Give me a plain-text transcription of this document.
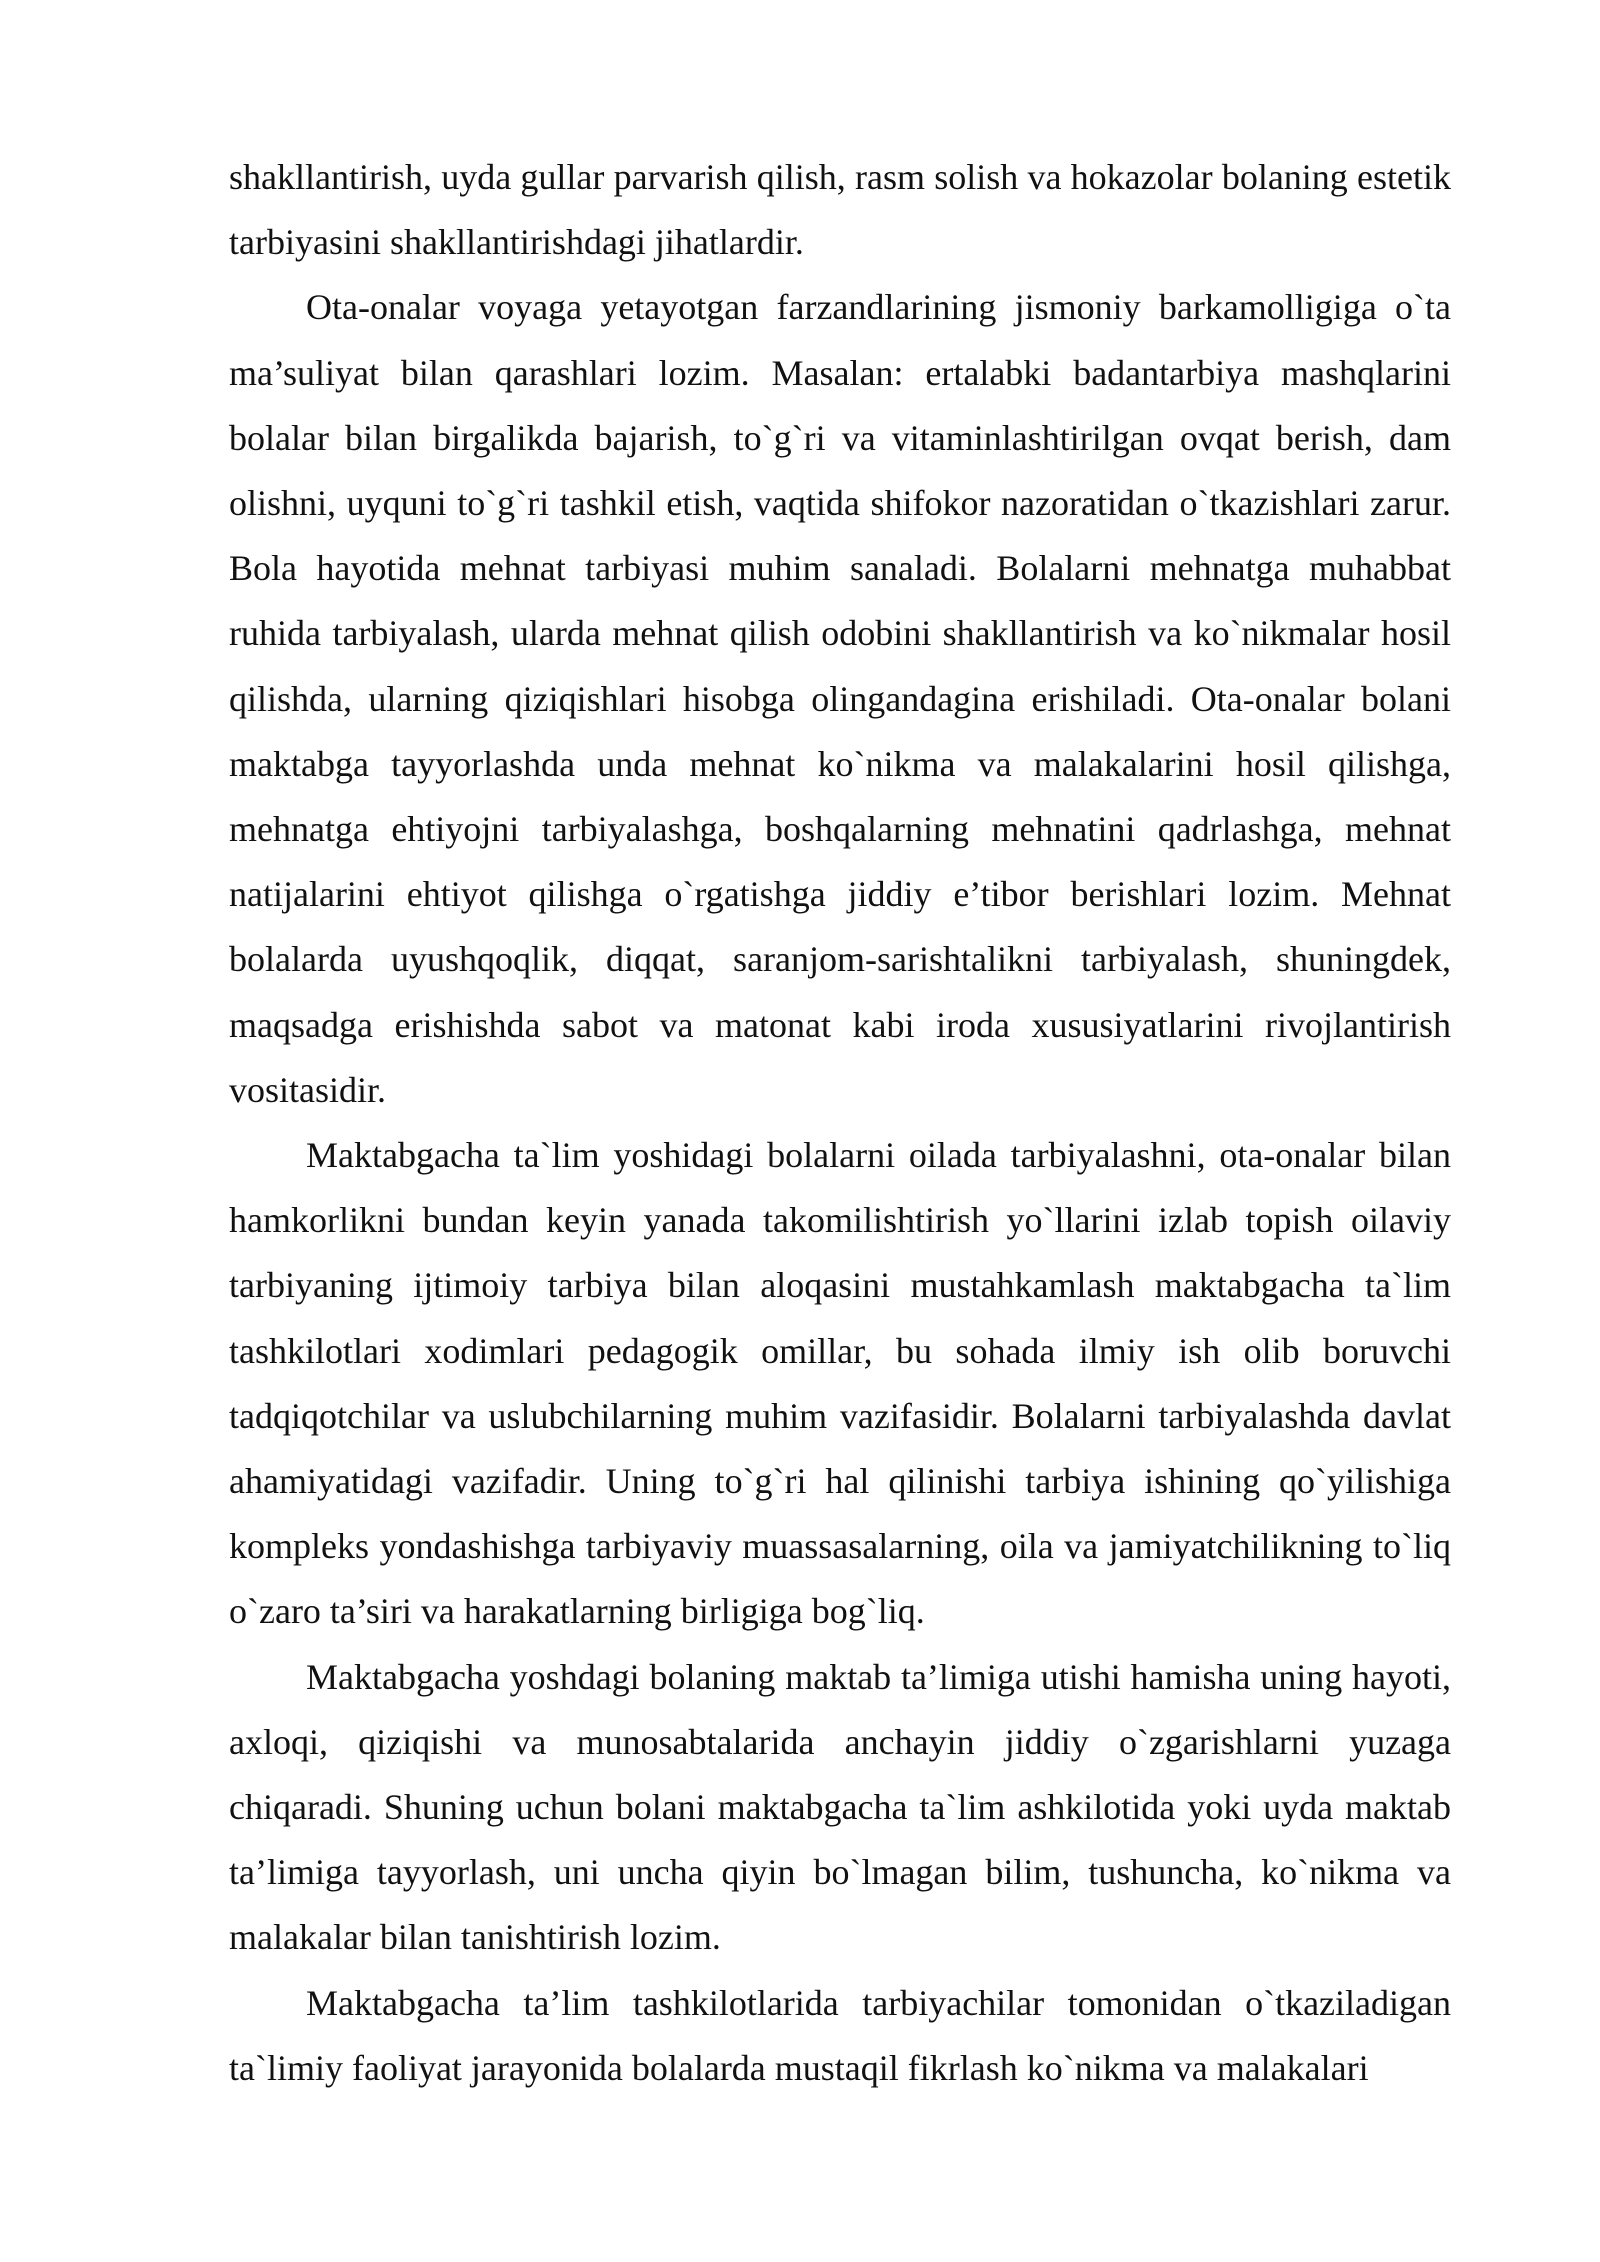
shakllantirish, uyda gullar parvarish qilish, rasm solish va hokazolar bolaning estetik tarbiyasini shakllantirishdagi jihatlardir.

Ota-onalar voyaga yetayotgan farzandlarining jismoniy barkamolligiga o`ta ma’suliyat bilan qarashlari lozim. Masalan: ertalabki badantarbiya mashqlarini bolalar bilan birgalikda bajarish, to`g`ri va vitaminlashtirilgan ovqat berish, dam olishni, uyquni to`g`ri tashkil etish, vaqtida shifokor nazoratidan o`tkazishlari zarur. Bola hayotida mehnat tarbiyasi muhim sanaladi. Bolalarni mehnatga muhabbat ruhida tarbiyalash, ularda mehnat qilish odobini shakllantirish va ko`nikmalar hosil qilishda, ularning qiziqishlari hisobga olingandagina erishiladi. Ota-onalar bolani maktabga tayyorlashda unda mehnat ko`nikma va malakalarini hosil qilishga, mehnatga ehtiyojni tarbiyalashga, boshqalarning mehnatini qadrlashga, mehnat natijalarini ehtiyot qilishga o`rgatishga jiddiy e’tibor berishlari lozim. Mehnat bolalarda uyushqoqlik, diqqat, saranjom-sarishtalikni tarbiyalash, shuningdek, maqsadga erishishda sabot va matonat kabi iroda xususiyatlarini rivojlantirish vositasidir.

Maktabgacha ta`lim yoshidagi bolalarni oilada tarbiyalashni, ota-onalar bilan hamkorlikni bundan keyin yanada takomilishtirish yo`llarini izlab topish oilaviy tarbiyaning ijtimoiy tarbiya bilan aloqasini mustahkamlash maktabgacha ta`lim tashkilotlari xodimlari pedagogik omillar, bu sohada ilmiy ish olib boruvchi tadqiqotchilar va uslubchilarning muhim vazifasidir. Bolalarni tarbiyalashda davlat ahamiyatidagi vazifadir. Uning to`g`ri hal qilinishi tarbiya ishining qo`yilishiga kompleks yondashishga tarbiyaviy muassasalarning, oila va jamiyatchilikning to`liq o`zaro ta’siri va harakatlarning birligiga bog`liq.

Maktabgacha yoshdagi bolaning maktab ta’limiga utishi hamisha uning hayoti, axloqi, qiziqishi va munosabtalarida anchayin jiddiy o`zgarishlarni yuzaga chiqaradi. Shuning uchun bolani maktabgacha ta`lim ashkilotida yoki uyda maktab ta’limiga tayyorlash, uni uncha qiyin bo`lmagan bilim, tushuncha, ko`nikma va malakalar bilan tanishtirish lozim.

Maktabgacha ta’lim tashkilotlarida tarbiyachilar tomonidan o`tkaziladigan ta`limiy faoliyat jarayonida bolalarda mustaqil fikrlash ko`nikma va malakalari
